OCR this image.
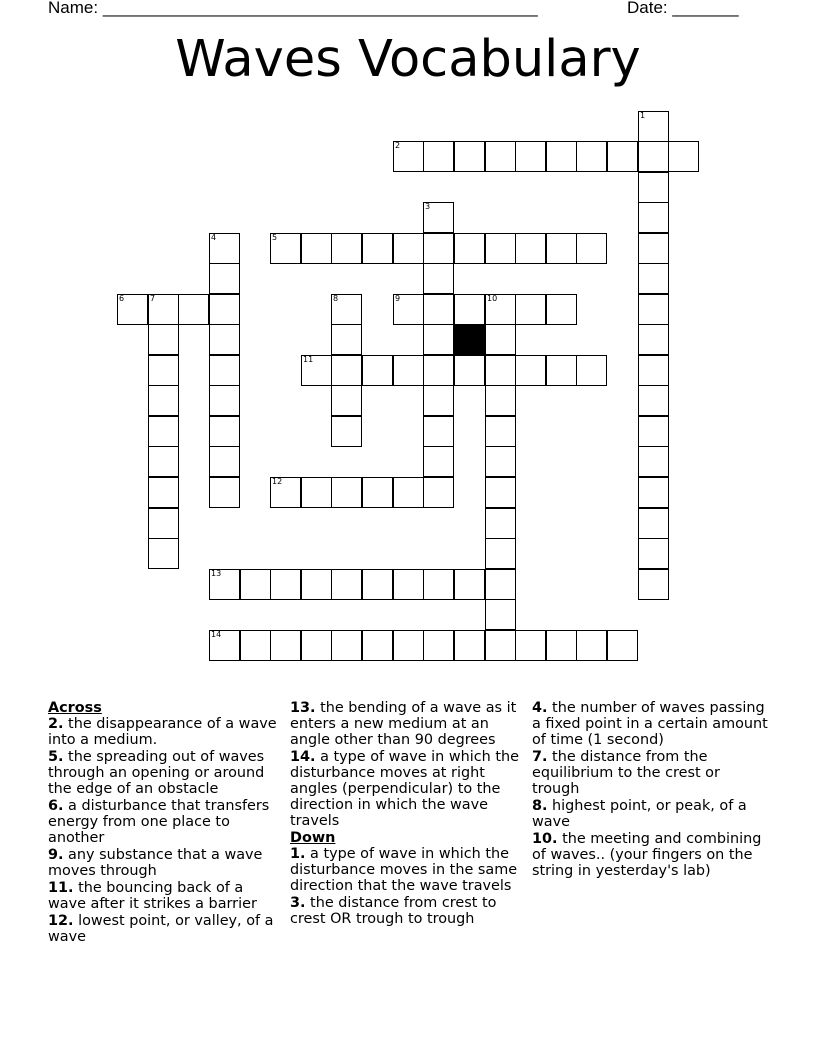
Name: ______________________________________________	Date: _______
Waves Vocabulary
1
2
3
4	5
6	7	8	9	10
11
12
13
14
Across
2. the disappearance of a wave into a medium.
5. the spreading out of waves through an opening or around the edge of an obstacle
6. a disturbance that transfers energy from one place to another
9. any substance that a wave moves through
11. the bouncing back of a wave after it strikes a barrier
12. lowest point, or valley, of a wave
13. the bending of a wave as it enters a new medium at an angle other than 90 degrees
14. a type of wave in which the disturbance moves at right angles (perpendicular) to the direction in which the wave travels
Down
1. a type of wave in which the disturbance moves in the same direction that the wave travels
3. the distance from crest to crest OR trough to trough
4. the number of waves passing a fixed point in a certain amount of time (1 second)
7. the distance from the equilibrium to the crest or trough
8. highest point, or peak, of a wave
10. the meeting and combining of waves.. (your fingers on the string in yesterday's lab)
